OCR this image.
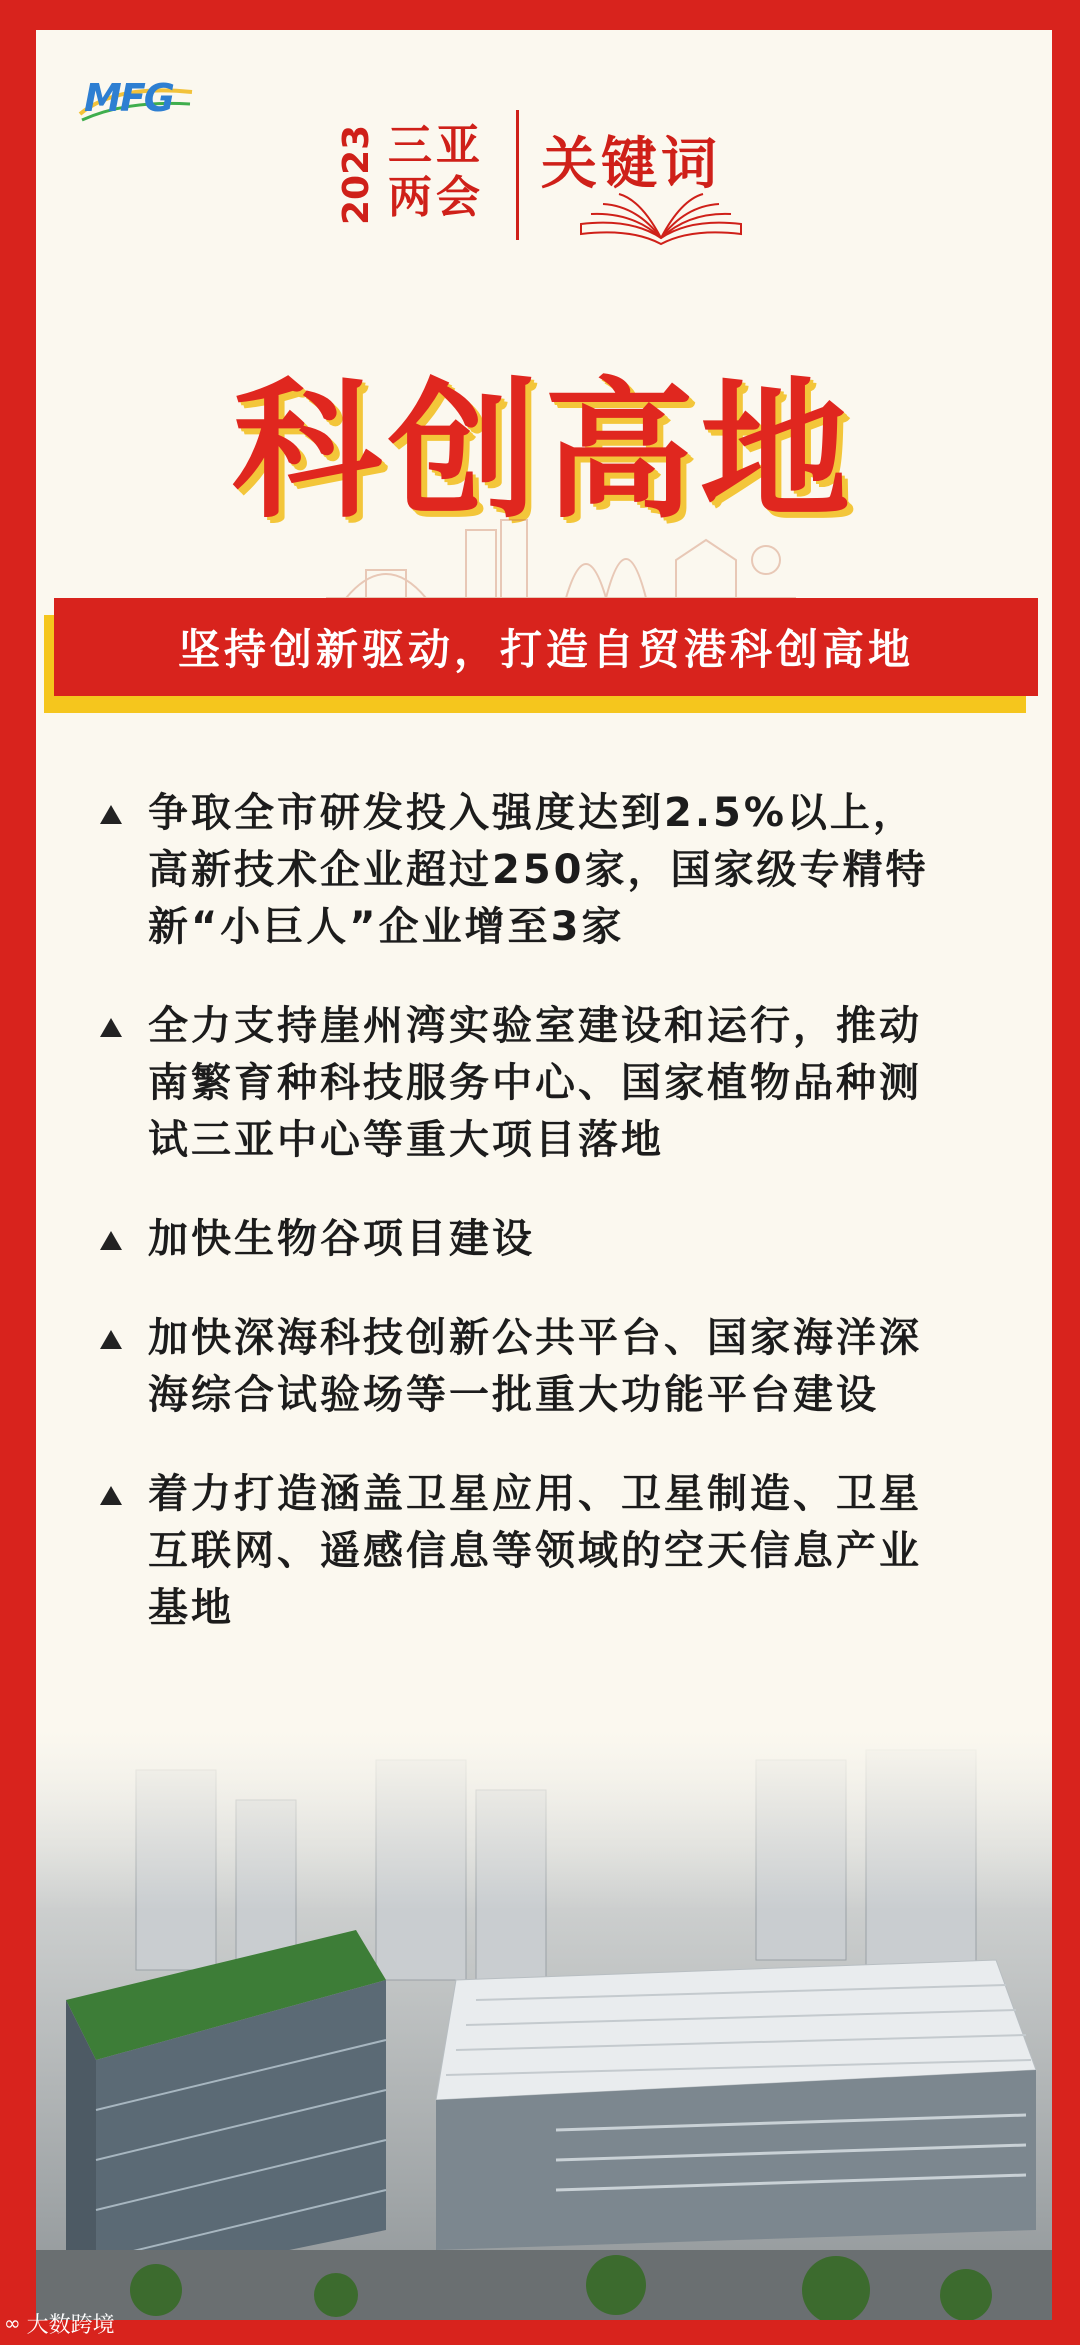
MFG
2023 三亚
两会
关键词
科创高地
坚持创新驱动，打造自贸港科创高地
争取全市研发投入强度达到2.5%以上，
高新技术企业超过250家，国家级专精特
新“小巨人”企业增至3家
全力支持崖州湾实验室建设和运行，推动
南繁育种科技服务中心、国家植物品种测
试三亚中心等重大项目落地
加快生物谷项目建设
加快深海科技创新公共平台、国家海洋深
海综合试验场等一批重大功能平台建设
着力打造涵盖卫星应用、卫星制造、卫星
互联网、遥感信息等领域的空天信息产业
基地
∞ 大数跨境
